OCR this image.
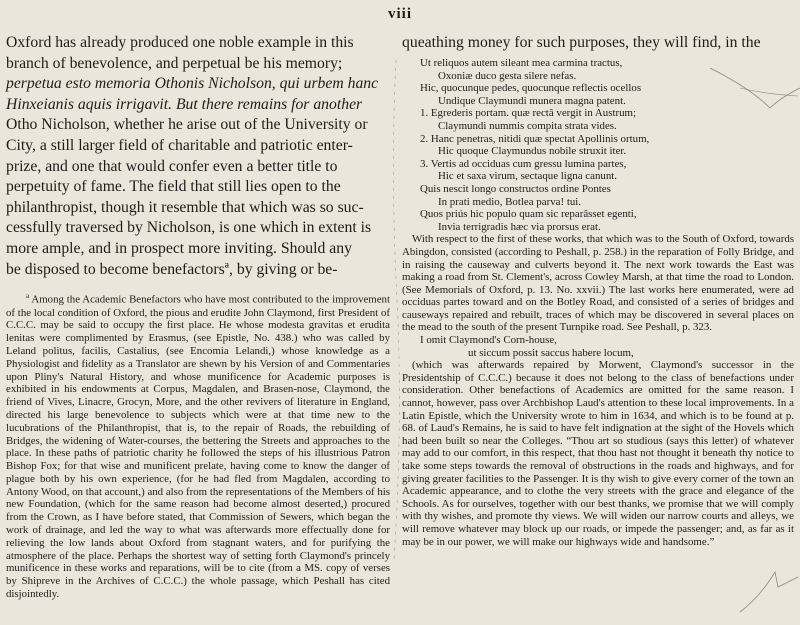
viii
Oxford has already produced one noble example in this
branch of benevolence, and perpetual be his memory;
perpetua esto memoria Othonis Nicholson, qui urbem hanc
Hinxeianis aquis irrigavit. But there remains for another
Otho Nicholson, whether he arise out of the University or
City, a still larger field of charitable and patriotic enter-
prize, and one that would confer even a better title to
perpetuity of fame. The field that still lies open to the
philanthropist, though it resemble that which was so suc-
cessfully traversed by Nicholson, is one which in extent is
more ample, and in prospect more inviting. Should any
be disposed to become benefactorsª, by giving or be-

$^a$ Among the Academic Benefactors who have most contributed to the improvement of the local condition of Oxford, the pious and erudite John Claymond, first President of C.C.C. may be said to occupy the first place. He whose modesta gravitas et erudita lenitas were complimented by Erasmus, (see Epistle, No. 438.) who was called by Leland politus, facilis, Castalius, (see Encomia Lelandi,) whose knowledge as a Physiologist and fidelity as a Translator are shewn by his Version of and Commentaries upon Pliny's Natural History, and whose munificence for Academic purposes is exhibited in his endowments at Corpus, Magdalen, and Brasen-nose, Claymond, the friend of Vives, Linacre, Grocyn, More, and the other revivers of literature in England, directed his large benevolence to subjects which were at that time new to the lucubrations of the Philanthropist, that is, to the repair of Roads, the rebuilding of Bridges, the widening of Water-courses, the bettering the Streets and approaches to the place. In these paths of patriotic charity he followed the steps of his illustrious Patron Bishop Fox; for that wise and munificent prelate, having come to know the danger of plague both by his own experience, (for he had fled from Magdalen, according to Antony Wood, on that account,) and also from the representations of the Members of his new Foundation, (which for the same reason had become almost deserted,) procured from the Crown, as I have before stated, that Commission of Sewers, which began the work of drainage, and led the way to what was afterwards more effectually done for relieving the low lands about Oxford from stagnant waters, and for purifying the atmosphere of the place. Perhaps the shortest way of setting forth Claymond's princely munificence in these works and reparations, will be to cite (from a MS. copy of verses by Shipreve in the Archives of C.C.C.) the whole passage, which Peshall has cited disjointedly.

queathing money for such purposes, they will find, in the

Ut reliquos autem sileant mea carmina tractus,
Oxoniæ duco gesta silere nefas.
Hic, quocunque pedes, quocunque reflectis ocellos
Undique Claymundi munera magna patent.
1. Egrederis portam. quæ rectâ vergit in Austrum;
Claymundi nummis compita strata vides.
2. Hanc penetras, nitidi quæ spectat Apollinis ortum,
Hic quoque Claymundus nobile struxit iter.
3. Vertis ad occiduas cum gressu lumina partes,
Hic et saxa virum, sectaque ligna canunt.
Quis nescit longo constructos ordine Pontes
In prati medio, Botlea parva! tui.
Quos priús hic populo quam sic reparâsset egenti,
Invia terrigradis hæc via prorsus erat.

With respect to the first of these works, that which was to the South of Oxford, towards Abingdon, consisted (according to Peshall, p. 258.) in the reparation of Folly Bridge, and in raising the causeway and culverts beyond it. The next work towards the East was making a road from St. Clement's, across Cowley Marsh, at that time the road to London. (See Memorials of Oxford, p. 13. No. xxvii.) The last works here enumerated, were ad occiduas partes toward and on the Botley Road, and consisted of a series of bridges and causeways repaired and rebuilt, traces of which may be discovered in several places on the mead to the south of the present Turnpike road. See Peshall, p. 323.

I omit Claymond's Corn-house,
ut siccum possit saccus habere locum,

(which was afterwards repaired by Morwent, Claymond's successor in the Presidentship of C.C.C.) because it does not belong to the class of benefactions under consideration. Other benefactions of Academics are omitted for the same reason. I cannot, however, pass over Archbishop Laud's attention to these local improvements. In a Latin Epistle, which the University wrote to him in 1634, and which is to be found at p. 68. of Laud's Remains, he is said to have felt indignation at the sight of the Hovels which had been built so near the Colleges. “Thou art so studious (says this letter) of whatever may add to our comfort, in this respect, that thou hast not thought it beneath thy notice to take some steps towards the removal of obstructions in the roads and highways, and for giving greater facilities to the Passenger. It is thy wish to give every corner of the town an Academic appearance, and to clothe the very streets with the grace and elegance of the Schools. As for ourselves, together with our best thanks, we promise that we will comply with thy wishes, and promote thy views. We will widen our narrow courts and alleys, we will remove whatever may block up our roads, or impede the passenger; and, as far as it may be in our power, we will make our highways wide and handsome.”
